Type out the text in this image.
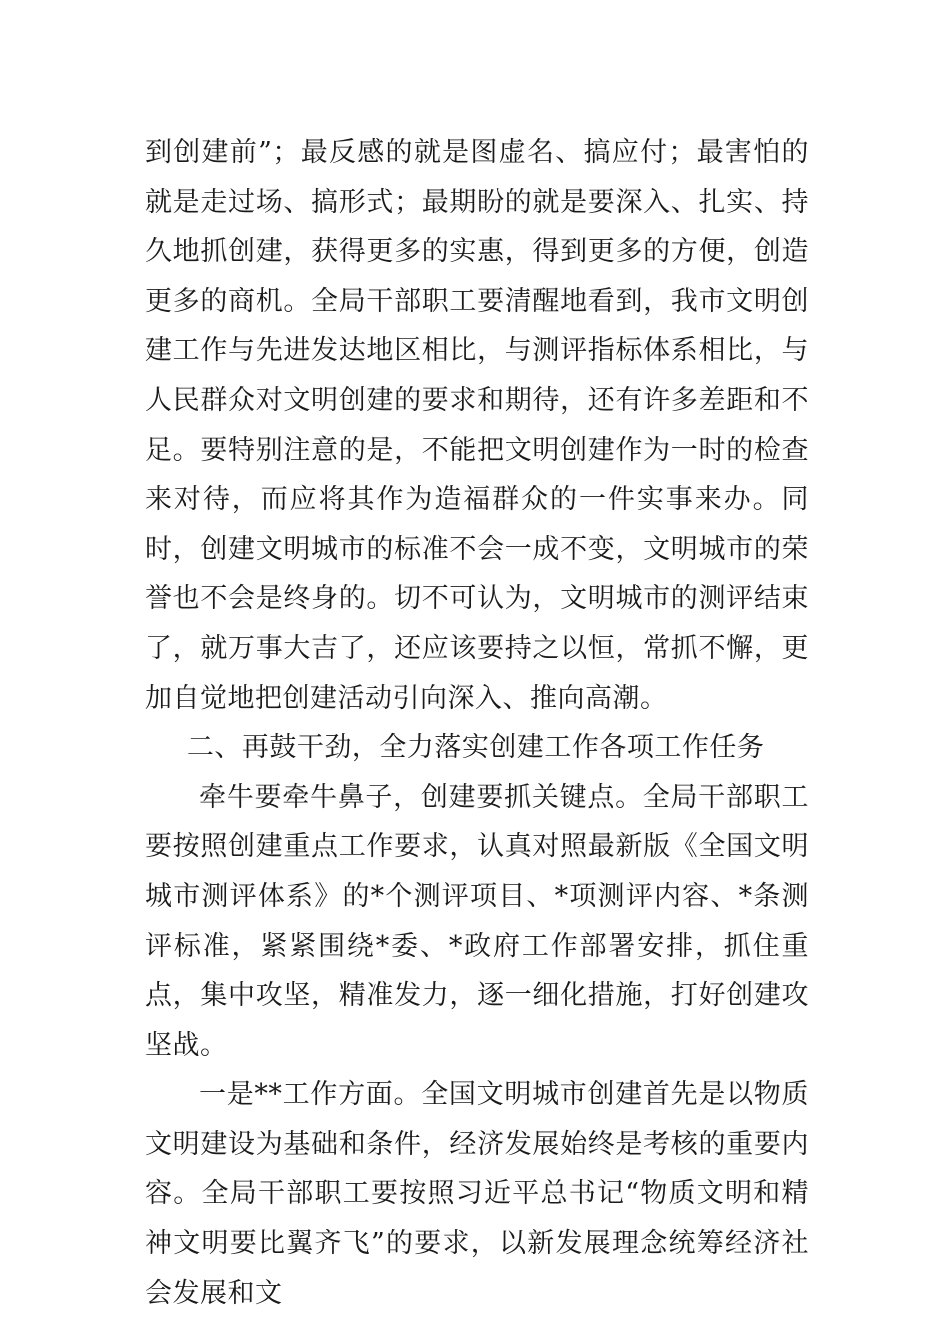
到创建前”；最反感的就是图虚名、搞应付；最害怕的就是走过场、搞形式；最期盼的就是要深入、扎实、持久地抓创建，获得更多的实惠，得到更多的方便，创造更多的商机。全局干部职工要清醒地看到，我市文明创建工作与先进发达地区相比，与测评指标体系相比，与人民群众对文明创建的要求和期待，还有许多差距和不足。要特别注意的是，不能把文明创建作为一时的检查来对待，而应将其作为造福群众的一件实事来办。同时，创建文明城市的标准不会一成不变，文明城市的荣誉也不会是终身的。切不可认为，文明城市的测评结束了，就万事大吉了，还应该要持之以恒，常抓不懈，更加自觉地把创建活动引向深入、推向高潮。

二、再鼓干劲，全力落实创建工作各项工作任务

牵牛要牵牛鼻子，创建要抓关键点。全局干部职工要按照创建重点工作要求，认真对照最新版《全国文明城市测评体系》的*个测评项目、*项测评内容、*条测评标准，紧紧围绕*委、*政府工作部署安排，抓住重点，集中攻坚，精准发力，逐一细化措施，打好创建攻坚战。

一是**工作方面。全国文明城市创建首先是以物质文明建设为基础和条件，经济发展始终是考核的重要内容。全局干部职工要按照习近平总书记“物质文明和精神文明要比翼齐飞”的要求，以新发展理念统筹经济社会发展和文
